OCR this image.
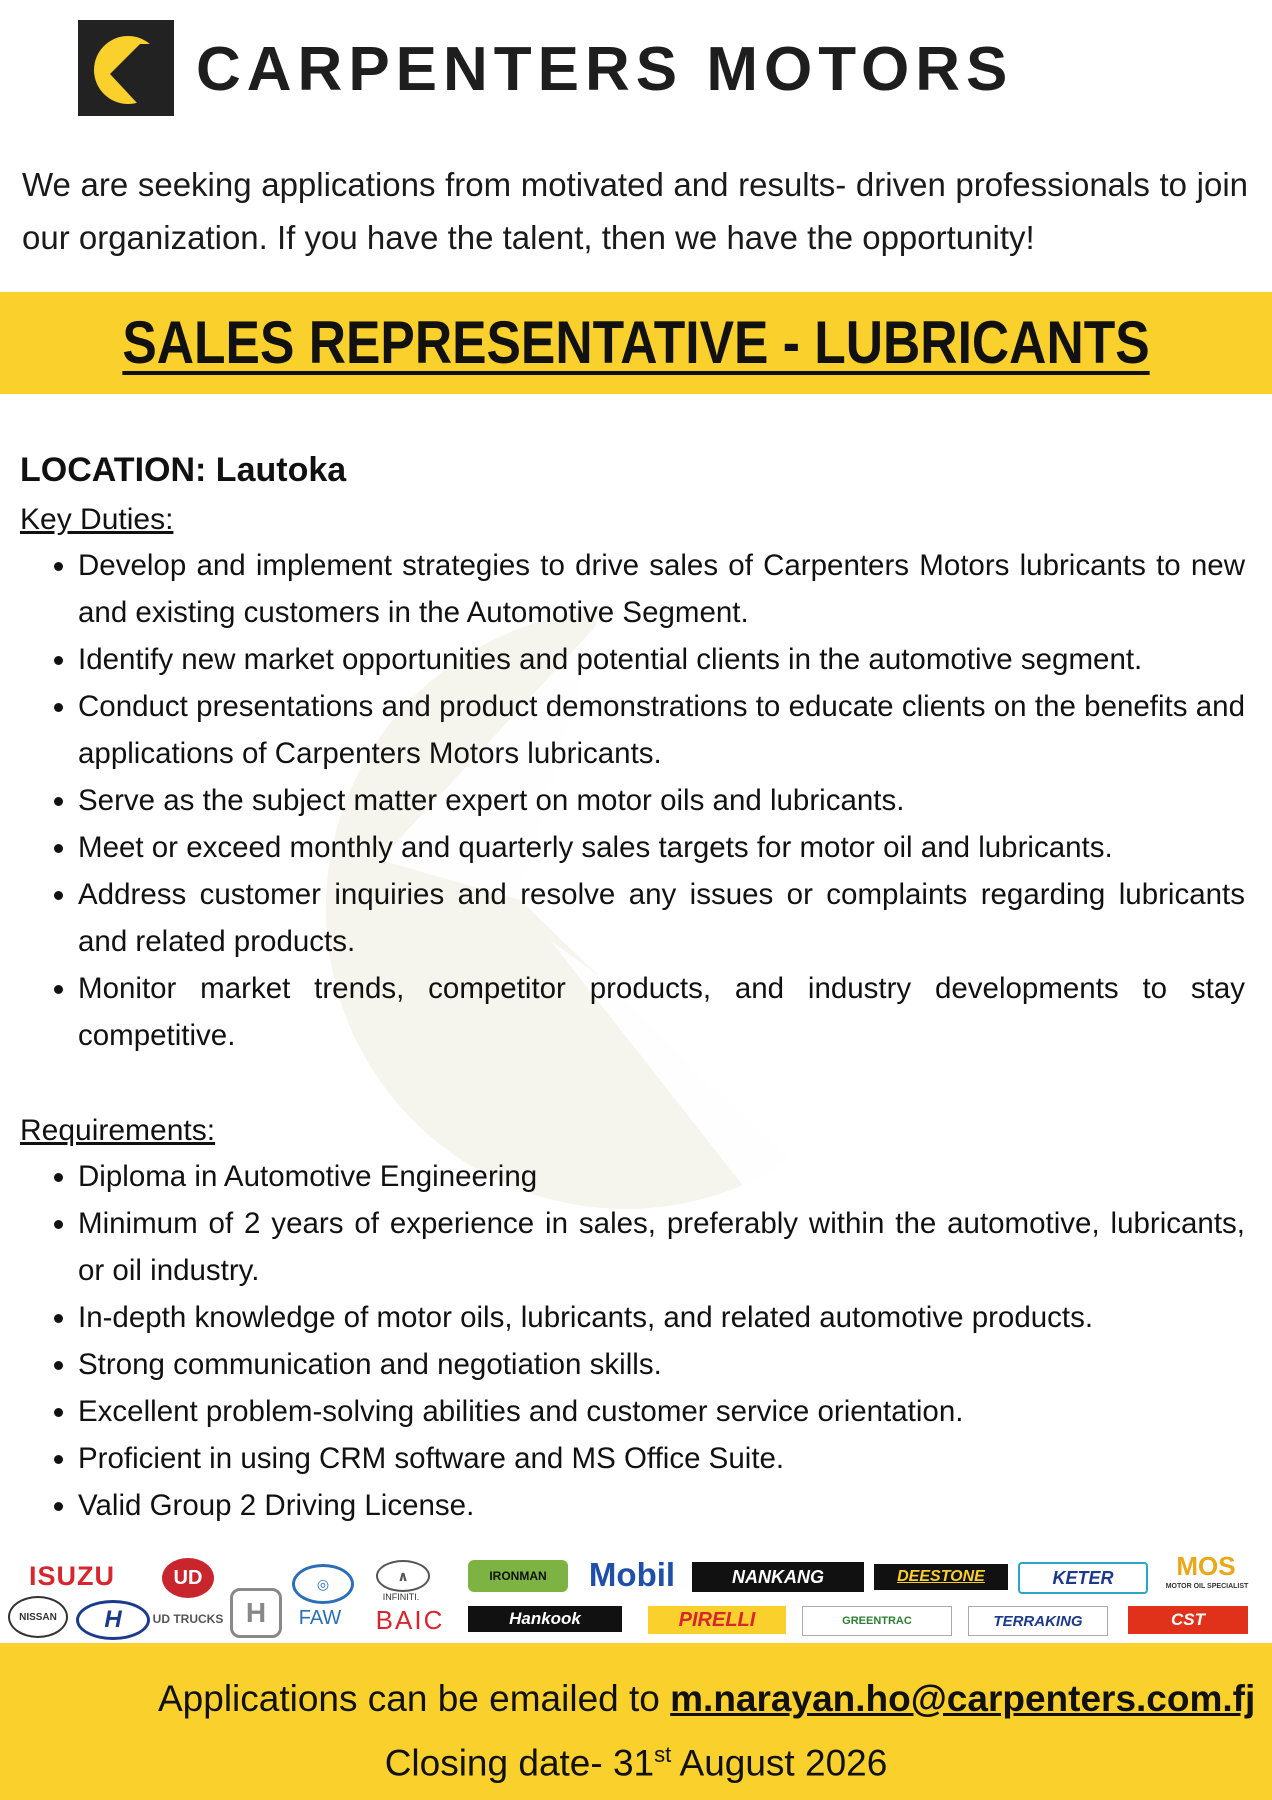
CARPENTERS MOTORS
We are seeking applications from motivated and results- driven professionals to join our organization. If you have the talent, then we have the opportunity!
SALES REPRESENTATIVE - LUBRICANTS
LOCATION: Lautoka
Key Duties:
• Develop and implement strategies to drive sales of Carpenters Motors lubricants to new and existing customers in the Automotive Segment.
• Identify new market opportunities and potential clients in the automotive segment.
• Conduct presentations and product demonstrations to educate clients on the benefits and applications of Carpenters Motors lubricants.
• Serve as the subject matter expert on motor oils and lubricants.
• Meet or exceed monthly and quarterly sales targets for motor oil and lubricants.
• Address customer inquiries and resolve any issues or complaints regarding lubricants and related products.
• Monitor market trends, competitor products, and industry developments to stay competitive.
Requirements:
• Diploma in Automotive Engineering
• Minimum of 2 years of experience in sales, preferably within the automotive, lubricants, or oil industry.
• In-depth knowledge of motor oils, lubricants, and related automotive products.
• Strong communication and negotiation skills.
• Excellent problem-solving abilities and customer service orientation.
• Proficient in using CRM software and MS Office Suite.
• Valid Group 2 Driving License.
ISUZU
NISSAN	H
UD
UD TRUCKS H
◎
FAW
∧
INFINITI.
BAIC
IRONMAN
Hankook
Mobil
PIRELLI
NANKANG
GREENTRAC
DEESTONE
TERRAKING
KETER	MOS
MOTOR OIL SPECIALIST
CST
Applications can be emailed to m.narayan.ho@carpenters.com.fj
Closing date- 31st August 2026
